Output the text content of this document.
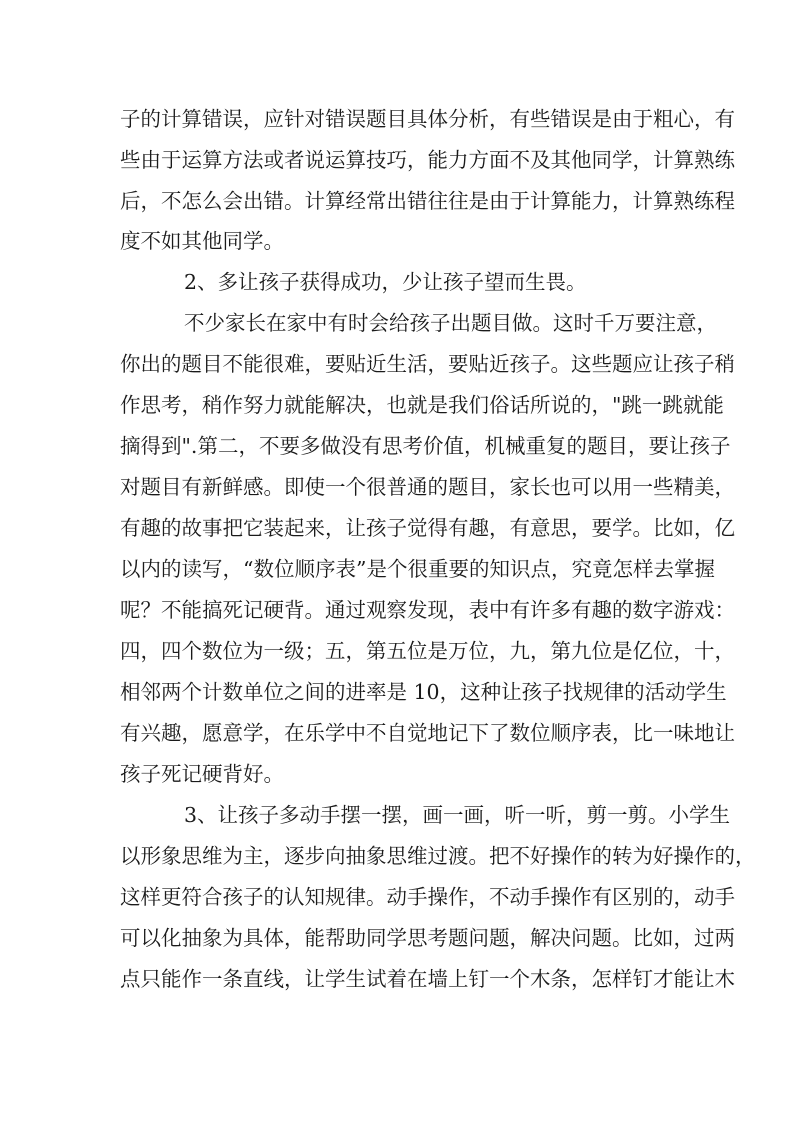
子的计算错误，应针对错误题目具体分析，有些错误是由于粗心，有
些由于运算方法或者说运算技巧，能力方面不及其他同学，计算熟练
后，不怎么会出错。计算经常出错往往是由于计算能力，计算熟练程
度不如其他同学。
2、多让孩子获得成功，少让孩子望而生畏。
不少家长在家中有时会给孩子出题目做。这时千万要注意，
你出的题目不能很难，要贴近生活，要贴近孩子。这些题应让孩子稍
作思考，稍作努力就能解决，也就是我们俗话所说的，"跳一跳就能
摘得到".第二，不要多做没有思考价值，机械重复的题目，要让孩子
对题目有新鲜感。即使一个很普通的题目，家长也可以用一些精美，
有趣的故事把它装起来，让孩子觉得有趣，有意思，要学。比如，亿
以内的读写，“数位顺序表”是个很重要的知识点，究竟怎样去掌握
呢？不能搞死记硬背。通过观察发现，表中有许多有趣的数字游戏：
四，四个数位为一级；五，第五位是万位，九，第九位是亿位，十，
相邻两个计数单位之间的进率是 10，这种让孩子找规律的活动学生
有兴趣，愿意学，在乐学中不自觉地记下了数位顺序表，比一味地让
孩子死记硬背好。
3、让孩子多动手摆一摆，画一画，听一听，剪一剪。小学生
以形象思维为主，逐步向抽象思维过渡。把不好操作的转为好操作的，
这样更符合孩子的认知规律。动手操作，不动手操作有区别的，动手
可以化抽象为具体，能帮助同学思考题问题，解决问题。比如，过两
点只能作一条直线，让学生试着在墙上钉一个木条，怎样钉才能让木
